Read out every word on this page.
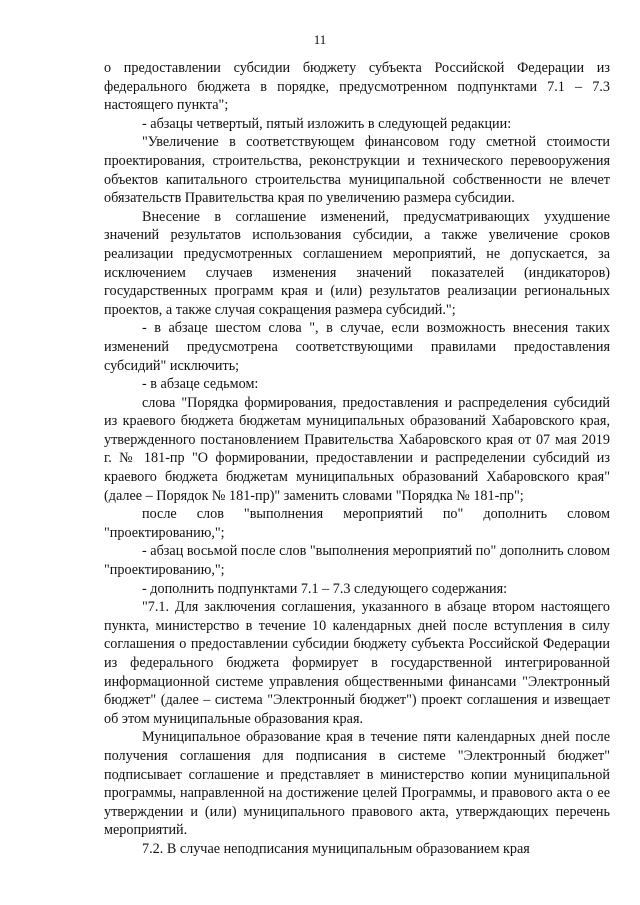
11

о предоставлении субсидии бюджету субъекта Российской Федерации из федерального бюджета в порядке, предусмотренном подпунктами 7.1 – 7.3 настоящего пункта";

- абзацы четвертый, пятый изложить в следующей редакции:

"Увеличение в соответствующем финансовом году сметной стоимости проектирования, строительства, реконструкции и технического перевооружения объектов капитального строительства муниципальной собственности не влечет обязательств Правительства края по увеличению размера субсидии.

Внесение в соглашение изменений, предусматривающих ухудшение значений результатов использования субсидии, а также увеличение сроков реализации предусмотренных соглашением мероприятий, не допускается, за исключением случаев изменения значений показателей (индикаторов) государственных программ края и (или) результатов реализации региональных проектов, а также случая сокращения размера субсидий.";

- в абзаце шестом слова ", в случае, если возможность внесения таких изменений предусмотрена соответствующими правилами предоставления субсидий" исключить;

- в абзаце седьмом:

слова "Порядка формирования, предоставления и распределения субсидий из краевого бюджета бюджетам муниципальных образований Хабаровского края, утвержденного постановлением Правительства Хабаровского края от 07 мая 2019 г. № 181-пр "О формировании, предоставлении и распределении субсидий из краевого бюджета бюджетам муниципальных образований Хабаровского края" (далее – Порядок № 181-пр)" заменить словами "Порядка № 181-пр";

после слов "выполнения мероприятий по" дополнить словом "проектированию,";

- абзац восьмой после слов "выполнения мероприятий по" дополнить словом "проектированию,";

- дополнить подпунктами 7.1 – 7.3 следующего содержания:

"7.1. Для заключения соглашения, указанного в абзаце втором настоящего пункта, министерство в течение 10 календарных дней после вступления в силу соглашения о предоставлении субсидии бюджету субъекта Российской Федерации из федерального бюджета формирует в государственной интегрированной информационной системе управления общественными финансами "Электронный бюджет" (далее – система "Электронный бюджет") проект соглашения и извещает об этом муниципальные образования края.

Муниципальное образование края в течение пяти календарных дней после получения соглашения для подписания в системе "Электронный бюджет" подписывает соглашение и представляет в министерство копии муниципальной программы, направленной на достижение целей Программы, и правового акта о ее утверждении и (или) муниципального правового акта, утверждающих перечень мероприятий.

7.2. В случае неподписания муниципальным образованием края
